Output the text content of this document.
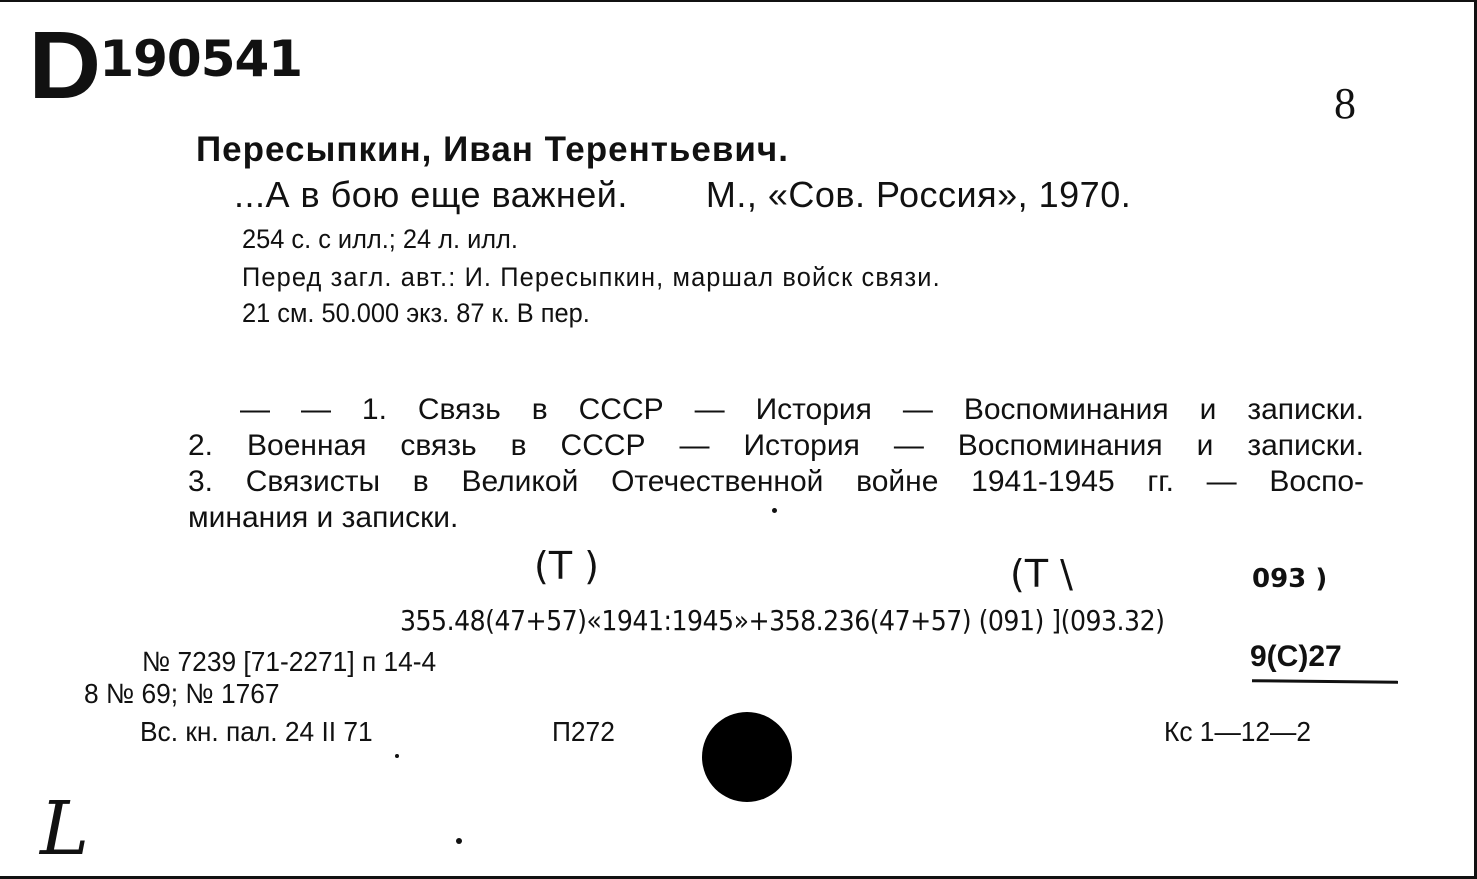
D190541
8
Пересыпкин, Иван Терентьевич.
...А в бою еще важней. М., «Сов. Россия», 1970.
254 с. с илл.; 24 л. илл.
Перед загл. авт.: И. Пересыпкин, маршал войск связи.
21 см. 50.000 экз. 87 к. В пер.
— — 1. Связь в СССР — История — Воспоминания и записки.
2. Военная связь в СССР — История — Воспоминания и записки.
3. Связисты в Великой Отечественной войне 1941-1945 гг. — Воспо-
минания и записки.
(Т )	(Т \	093 )
355.48(47+57)«1941:1945»+358.236(47+57) (091) ](093.32)
№ 7239 [71-2271] п 14-4	9(С)27
8 № 69; № 1767
Вс. кн. пал. 24 II 71	П272	Кс 1—12—2
L
